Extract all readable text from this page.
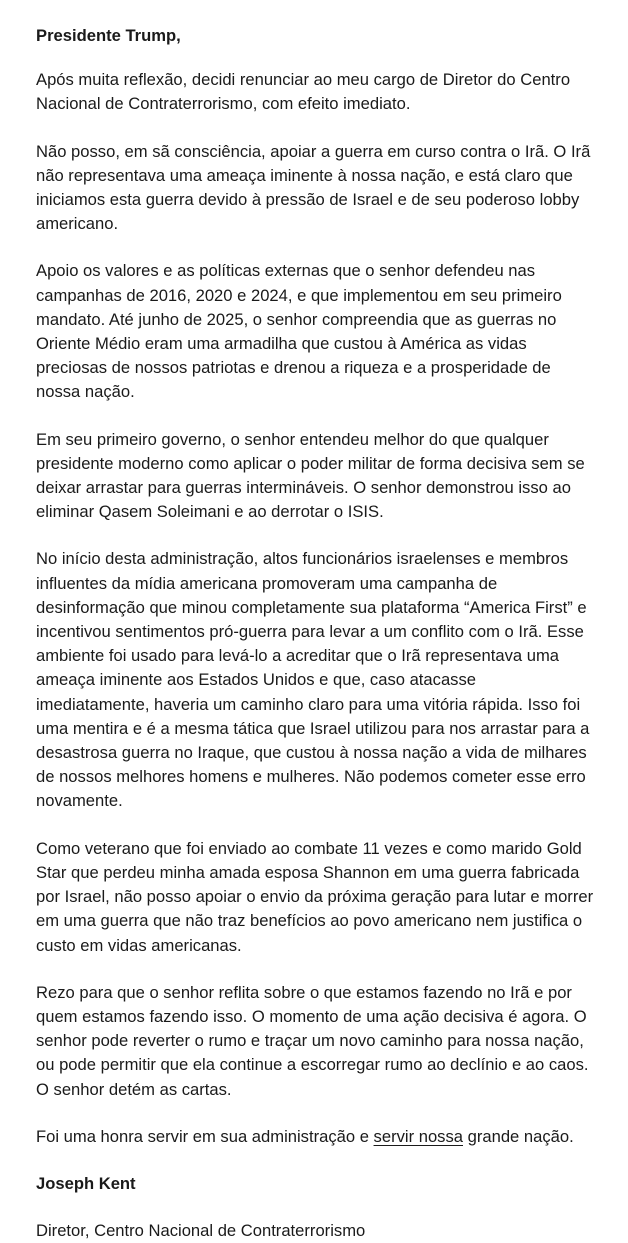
Presidente Trump,

Após muita reflexão, decidi renunciar ao meu cargo de Diretor do Centro Nacional de Contraterrorismo, com efeito imediato.

Não posso, em sã consciência, apoiar a guerra em curso contra o Irã. O Irã não representava uma ameaça iminente à nossa nação, e está claro que iniciamos esta guerra devido à pressão de Israel e de seu poderoso lobby americano.

Apoio os valores e as políticas externas que o senhor defendeu nas campanhas de 2016, 2020 e 2024, e que implementou em seu primeiro mandato. Até junho de 2025, o senhor compreendia que as guerras no Oriente Médio eram uma armadilha que custou à América as vidas preciosas de nossos patriotas e drenou a riqueza e a prosperidade de nossa nação.

Em seu primeiro governo, o senhor entendeu melhor do que qualquer presidente moderno como aplicar o poder militar de forma decisiva sem se deixar arrastar para guerras intermináveis. O senhor demonstrou isso ao eliminar Qasem Soleimani e ao derrotar o ISIS.

No início desta administração, altos funcionários israelenses e membros influentes da mídia americana promoveram uma campanha de desinformação que minou completamente sua plataforma “America First” e incentivou sentimentos pró-guerra para levar a um conflito com o Irã. Esse ambiente foi usado para levá-lo a acreditar que o Irã representava uma ameaça iminente aos Estados Unidos e que, caso atacasse imediatamente, haveria um caminho claro para uma vitória rápida. Isso foi uma mentira e é a mesma tática que Israel utilizou para nos arrastar para a desastrosa guerra no Iraque, que custou à nossa nação a vida de milhares de nossos melhores homens e mulheres. Não podemos cometer esse erro novamente.

Como veterano que foi enviado ao combate 11 vezes e como marido Gold Star que perdeu minha amada esposa Shannon em uma guerra fabricada por Israel, não posso apoiar o envio da próxima geração para lutar e morrer em uma guerra que não traz benefícios ao povo americano nem justifica o custo em vidas americanas.

Rezo para que o senhor reflita sobre o que estamos fazendo no Irã e por quem estamos fazendo isso. O momento de uma ação decisiva é agora. O senhor pode reverter o rumo e traçar um novo caminho para nossa nação, ou pode permitir que ela continue a escorregar rumo ao declínio e ao caos. O senhor detém as cartas.

Foi uma honra servir em sua administração e servir nossa grande nação.

Joseph Kent

Diretor, Centro Nacional de Contraterrorismo
